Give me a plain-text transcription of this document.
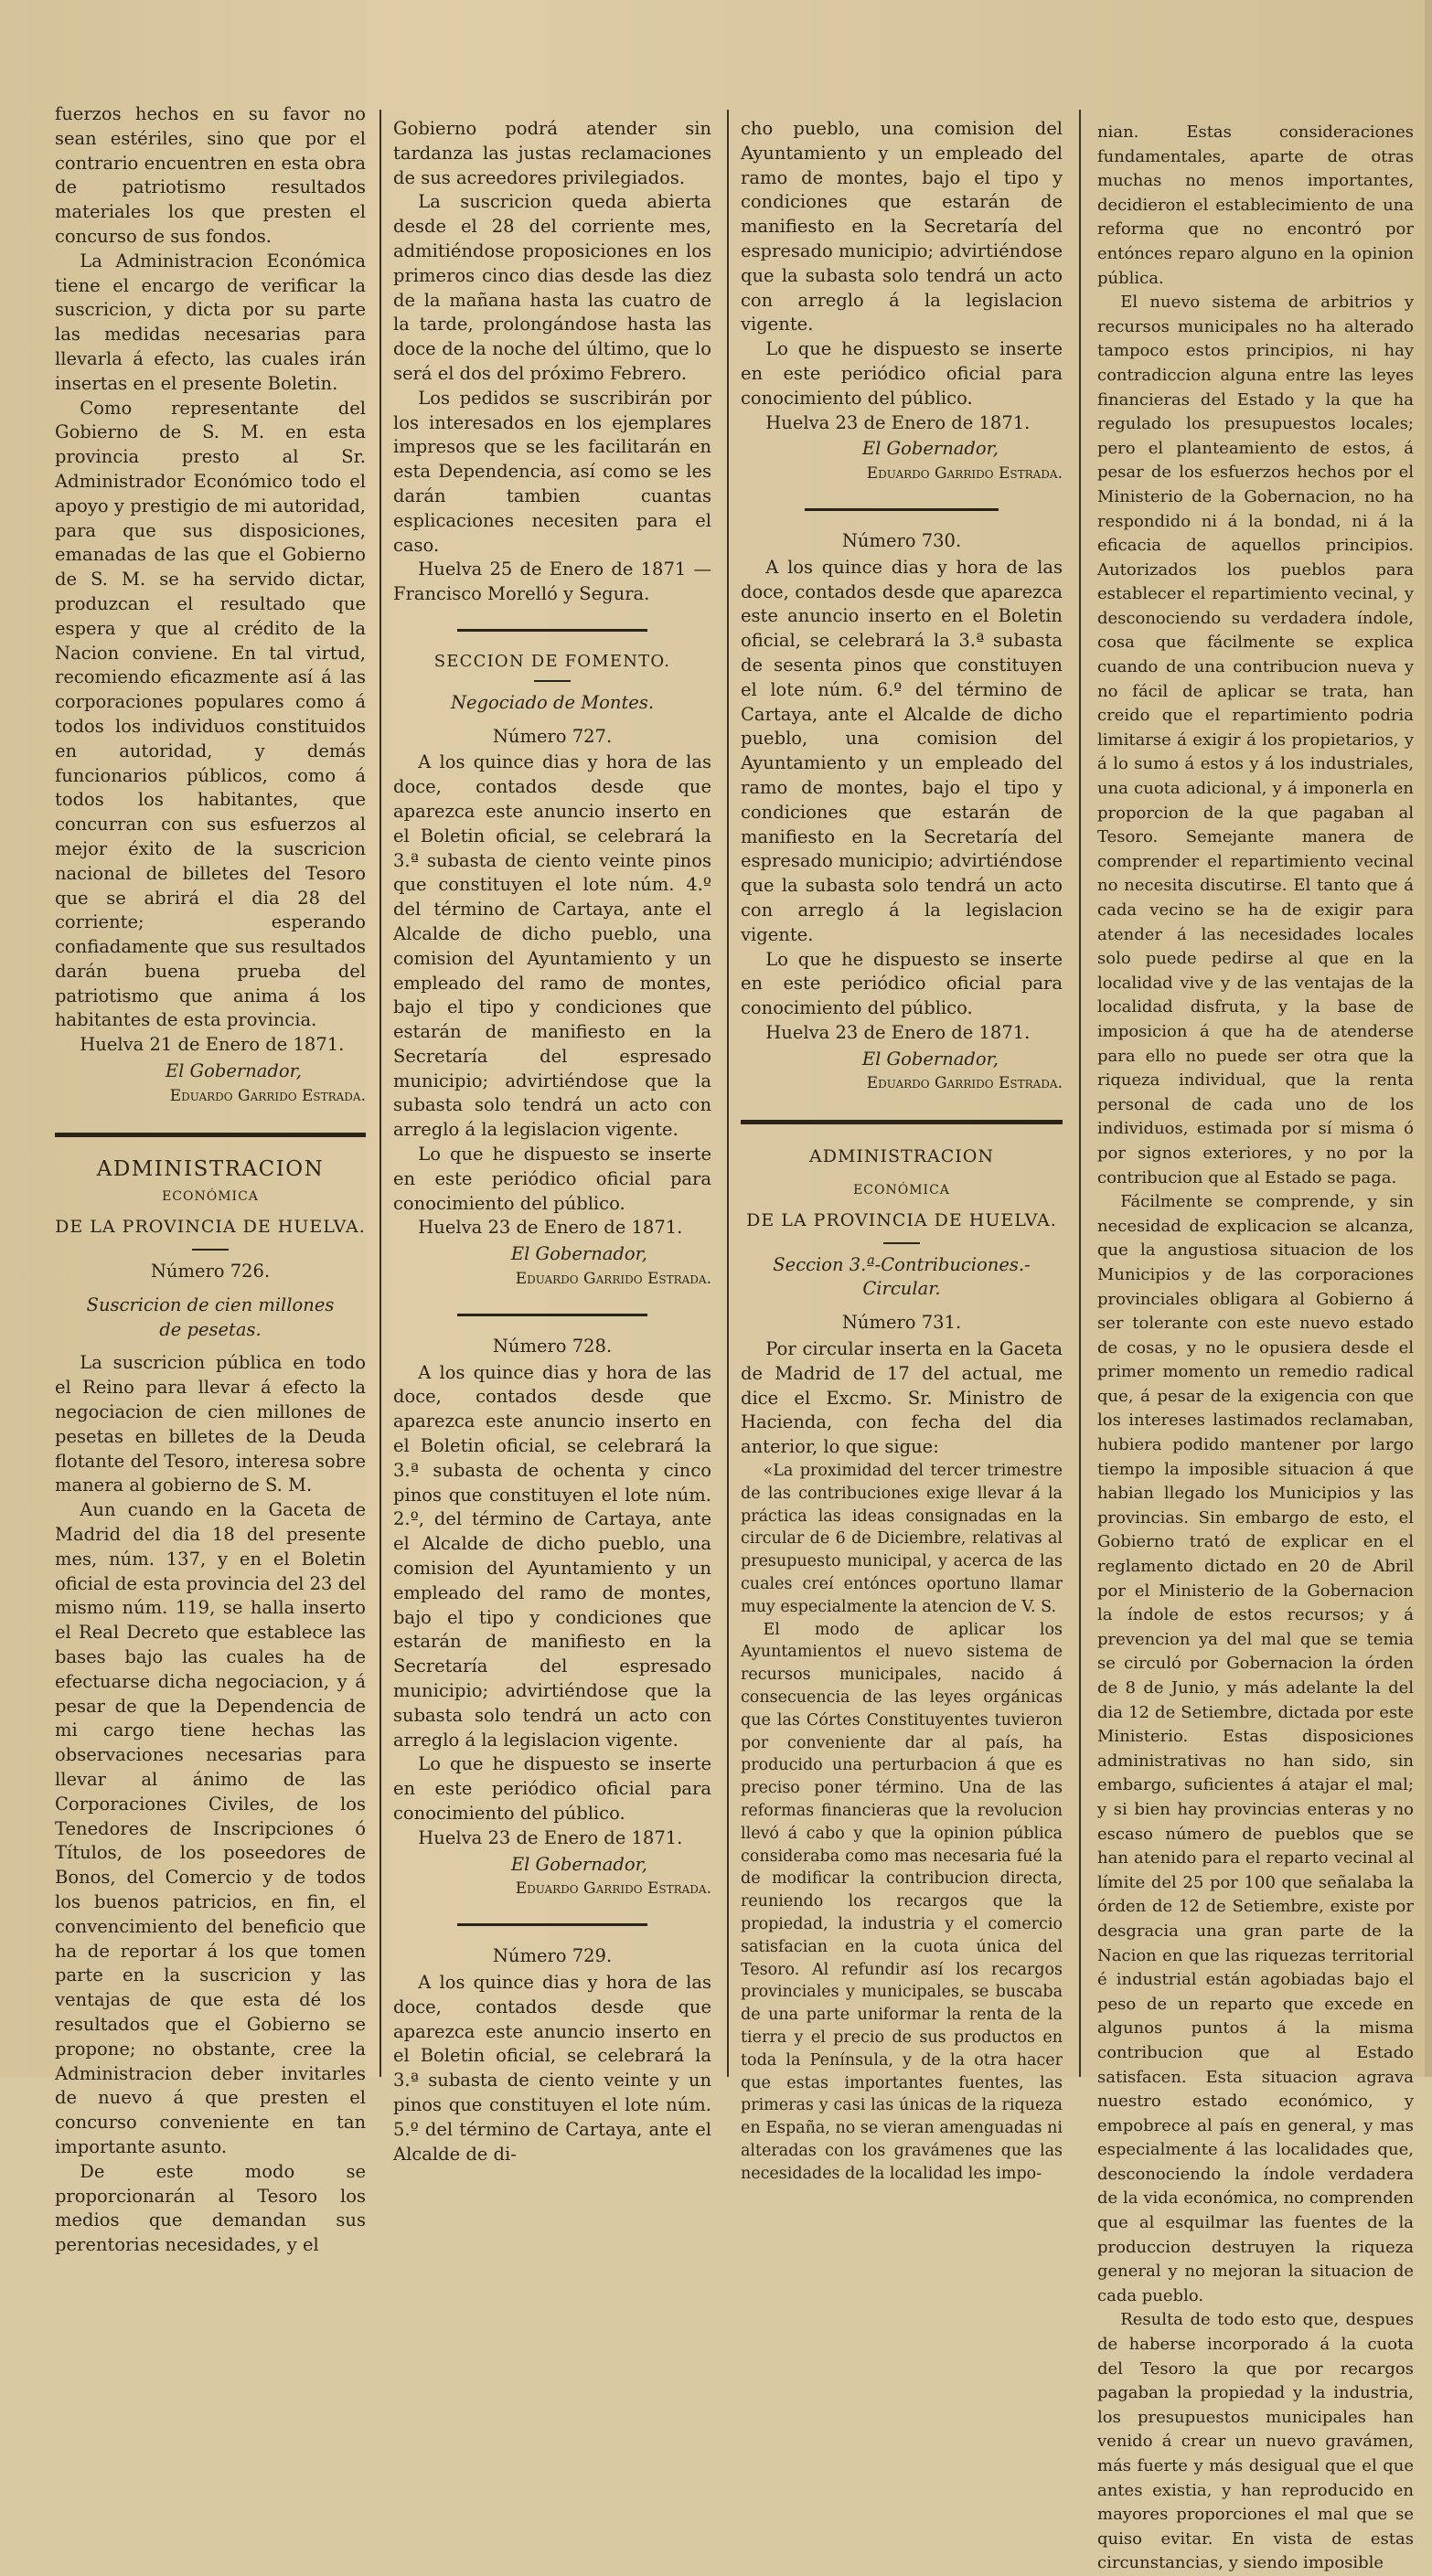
fuerzos hechos en su favor no sean estériles, sino que por el contrario encuentren en esta obra de patriotismo resultados materiales los que presten el concurso de sus fondos.

La Administracion Económica tiene el encargo de verificar la suscricion, y dicta por su parte las medidas necesarias para llevarla á efecto, las cuales irán insertas en el presente Boletin.

Como representante del Gobierno de S. M. en esta provincia presto al Sr. Administrador Económico todo el apoyo y prestigio de mi autoridad, para que sus disposiciones, emanadas de las que el Gobierno de S. M. se ha servido dictar, produzcan el resultado que espera y que al crédito de la Nacion conviene. En tal virtud, recomiendo eficazmente así á las corporaciones populares como á todos los individuos constituidos en autoridad, y demás funcionarios públicos, como á todos los habitantes, que concurran con sus esfuerzos al mejor éxito de la suscricion nacional de billetes del Tesoro que se abrirá el dia 28 del corriente; esperando confiadamente que sus resultados darán buena prueba del patriotismo que anima á los habitantes de esta provincia.

Huelva 21 de Enero de 1871.

El Gobernador,

Eduardo Garrido Estrada.

ADMINISTRACION

ECONÓMICA

DE LA PROVINCIA DE HUELVA.

Número 726.

Suscricion de cien millones de pesetas.

La suscricion pública en todo el Reino para llevar á efecto la negociacion de cien millones de pesetas en billetes de la Deuda flotante del Tesoro, interesa sobre manera al gobierno de S. M.

Aun cuando en la Gaceta de Madrid del dia 18 del presente mes, núm. 137, y en el Boletin oficial de esta provincia del 23 del mismo núm. 119, se halla inserto el Real Decreto que establece las bases bajo las cuales ha de efectuarse dicha negociacion, y á pesar de que la Dependencia de mi cargo tiene hechas las observaciones necesarias para llevar al ánimo de las Corporaciones Civiles, de los Tenedores de Inscripciones ó Títulos, de los poseedores de Bonos, del Comercio y de todos los buenos patricios, en fin, el convencimiento del beneficio que ha de reportar á los que tomen parte en la suscricion y las ventajas de que esta dé los resultados que el Gobierno se propone; no obstante, cree la Administracion deber invitarles de nuevo á que presten el concurso conveniente en tan importante asunto.

De este modo se proporcionarán al Tesoro los medios que demandan sus perentorias necesidades, y el

Gobierno podrá atender sin tardanza las justas reclamaciones de sus acreedores privilegiados.

La suscricion queda abierta desde el 28 del corriente mes, admitiéndose proposiciones en los primeros cinco dias desde las diez de la mañana hasta las cuatro de la tarde, prolongándose hasta las doce de la noche del último, que lo será el dos del próximo Febrero.

Los pedidos se suscribirán por los interesados en los ejemplares impresos que se les facilitarán en esta Dependencia, así como se les darán tambien cuantas esplicaciones necesiten para el caso.

Huelva 25 de Enero de 1871 — Francisco Morelló y Segura.

SECCION DE FOMENTO.

Negociado de Montes.

Número 727.

A los quince dias y hora de las doce, contados desde que aparezca este anuncio inserto en el Boletin oficial, se celebrará la 3.ª subasta de ciento veinte pinos que constituyen el lote núm. 4.º del término de Cartaya, ante el Alcalde de dicho pueblo, una comision del Ayuntamiento y un empleado del ramo de montes, bajo el tipo y condiciones que estarán de manifiesto en la Secretaría del espresado municipio; advirtiéndose que la subasta solo tendrá un acto con arreglo á la legislacion vigente.

Lo que he dispuesto se inserte en este periódico oficial para conocimiento del público.

Huelva 23 de Enero de 1871.

El Gobernador,

Eduardo Garrido Estrada.

Número 728.

A los quince dias y hora de las doce, contados desde que aparezca este anuncio inserto en el Boletin oficial, se celebrará la 3.ª subasta de ochenta y cinco pinos que constituyen el lote núm. 2.º, del término de Cartaya, ante el Alcalde de dicho pueblo, una comision del Ayuntamiento y un empleado del ramo de montes, bajo el tipo y condiciones que estarán de manifiesto en la Secretaría del espresado municipio; advirtiéndose que la subasta solo tendrá un acto con arreglo á la legislacion vigente.

Lo que he dispuesto se inserte en este periódico oficial para conocimiento del público.

Huelva 23 de Enero de 1871.

El Gobernador,

Eduardo Garrido Estrada.

Número 729.

A los quince dias y hora de las doce, contados desde que aparezca este anuncio inserto en el Boletin oficial, se celebrará la 3.ª subasta de ciento veinte y un pinos que constituyen el lote núm. 5.º del término de Cartaya, ante el Alcalde de di-

cho pueblo, una comision del Ayuntamiento y un empleado del ramo de montes, bajo el tipo y condiciones que estarán de manifiesto en la Secretaría del espresado municipio; advirtiéndose que la subasta solo tendrá un acto con arreglo á la legislacion vigente.

Lo que he dispuesto se inserte en este periódico oficial para conocimiento del público.

Huelva 23 de Enero de 1871.

El Gobernador,

Eduardo Garrido Estrada.

Número 730.

A los quince dias y hora de las doce, contados desde que aparezca este anuncio inserto en el Boletin oficial, se celebrará la 3.ª subasta de sesenta pinos que constituyen el lote núm. 6.º del término de Cartaya, ante el Alcalde de dicho pueblo, una comision del Ayuntamiento y un empleado del ramo de montes, bajo el tipo y condiciones que estarán de manifiesto en la Secretaría del espresado municipio; advirtiéndose que la subasta solo tendrá un acto con arreglo á la legislacion vigente.

Lo que he dispuesto se inserte en este periódico oficial para conocimiento del público.

Huelva 23 de Enero de 1871.

El Gobernador,

Eduardo Garrido Estrada.

ADMINISTRACION

ECONÓMICA

DE LA PROVINCIA DE HUELVA.

Seccion 3.ª-Contribuciones.-Circular.

Número 731.

Por circular inserta en la Gaceta de Madrid de 17 del actual, me dice el Excmo. Sr. Ministro de Hacienda, con fecha del dia anterior, lo que sigue:

«La proximidad del tercer trimestre de las contribuciones exige llevar á la práctica las ideas consignadas en la circular de 6 de Diciembre, relativas al presupuesto municipal, y acerca de las cuales creí entónces oportuno llamar muy especialmente la atencion de V. S.

El modo de aplicar los Ayuntamientos el nuevo sistema de recursos municipales, nacido á consecuencia de las leyes orgánicas que las Córtes Constituyentes tuvieron por conveniente dar al país, ha producido una perturbacion á que es preciso poner término. Una de las reformas financieras que la revolucion llevó á cabo y que la opinion pública consideraba como mas necesaria fué la de modificar la contribucion directa, reuniendo los recargos que la propiedad, la industria y el comercio satisfacian en la cuota única del Tesoro. Al refundir así los recargos provinciales y municipales, se buscaba de una parte uniformar la renta de la tierra y el precio de sus productos en toda la Península, y de la otra hacer que estas importantes fuentes, las primeras y casi las únicas de la riqueza en España, no se vieran amenguadas ni alteradas con los gravámenes que las necesidades de la localidad les impo-

nian. Estas consideraciones fundamentales, aparte de otras muchas no menos importantes, decidieron el establecimiento de una reforma que no encontró por entónces reparo alguno en la opinion pública.

El nuevo sistema de arbitrios y recursos municipales no ha alterado tampoco estos principios, ni hay contradiccion alguna entre las leyes financieras del Estado y la que ha regulado los presupuestos locales; pero el planteamiento de estos, á pesar de los esfuerzos hechos por el Ministerio de la Gobernacion, no ha respondido ni á la bondad, ni á la eficacia de aquellos principios. Autorizados los pueblos para establecer el repartimiento vecinal, y desconociendo su verdadera índole, cosa que fácilmente se explica cuando de una contribucion nueva y no fácil de aplicar se trata, han creido que el repartimiento podria limitarse á exigir á los propietarios, y á lo sumo á estos y á los industriales, una cuota adicional, y á imponerla en proporcion de la que pagaban al Tesoro. Semejante manera de comprender el repartimiento vecinal no necesita discutirse. El tanto que á cada vecino se ha de exigir para atender á las necesidades locales solo puede pedirse al que en la localidad vive y de las ventajas de la localidad disfruta, y la base de imposicion á que ha de atenderse para ello no puede ser otra que la riqueza individual, que la renta personal de cada uno de los individuos, estimada por sí misma ó por signos exteriores, y no por la contribucion que al Estado se paga.

Fácilmente se comprende, y sin necesidad de explicacion se alcanza, que la angustiosa situacion de los Municipios y de las corporaciones provinciales obligara al Gobierno á ser tolerante con este nuevo estado de cosas, y no le opusiera desde el primer momento un remedio radical que, á pesar de la exigencia con que los intereses lastimados reclamaban, hubiera podido mantener por largo tiempo la imposible situacion á que habian llegado los Municipios y las provincias. Sin embargo de esto, el Gobierno trató de explicar en el reglamento dictado en 20 de Abril por el Ministerio de la Gobernacion la índole de estos recursos; y á prevencion ya del mal que se temia se circuló por Gobernacion la órden de 8 de Junio, y más adelante la del dia 12 de Setiembre, dictada por este Ministerio. Estas disposiciones administrativas no han sido, sin embargo, suficientes á atajar el mal; y si bien hay provincias enteras y no escaso número de pueblos que se han atenido para el reparto vecinal al límite del 25 por 100 que señalaba la órden de 12 de Setiembre, existe por desgracia una gran parte de la Nacion en que las riquezas territorial é industrial están agobiadas bajo el peso de un reparto que excede en algunos puntos á la misma contribucion que al Estado satisfacen. Esta situacion agrava nuestro estado económico, y empobrece al país en general, y mas especialmente á las localidades que, desconociendo la índole verdadera de la vida económica, no comprenden que al esquilmar las fuentes de la produccion destruyen la riqueza general y no mejoran la situacion de cada pueblo.

Resulta de todo esto que, despues de haberse incorporado á la cuota del Tesoro la que por recargos pagaban la propiedad y la industria, los presupuestos municipales han venido á crear un nuevo gravámen, más fuerte y más desigual que el que antes existia, y han reproducido en mayores proporciones el mal que se quiso evitar. En vista de estas circunstancias, y siendo imposible
